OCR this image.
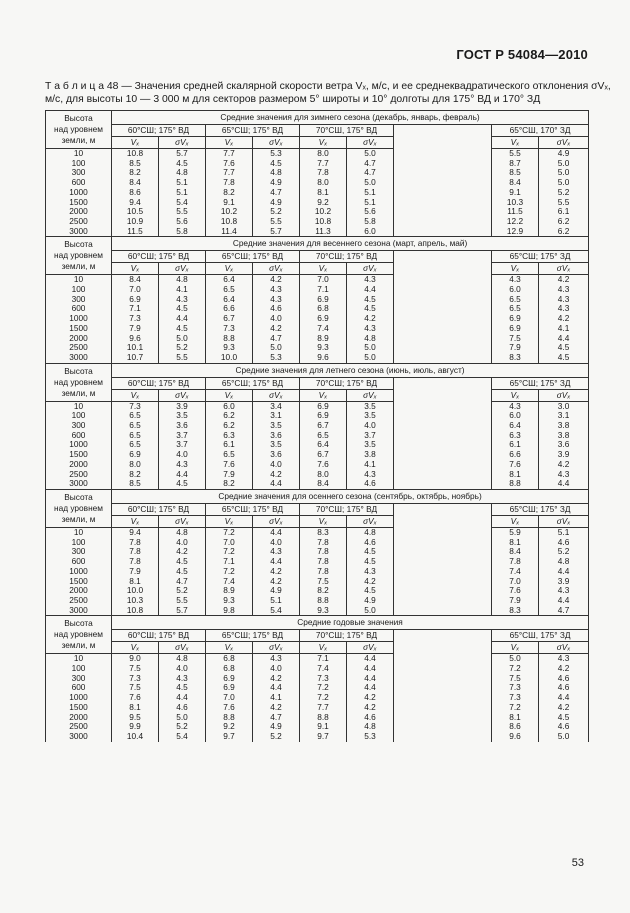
ГОСТ Р 54084—2010
Т а б л и ц а 48 — Значения средней скалярной скорости ветра Vₓ, м/с, и ее среднеквадратического отклонения σVₓ,
м/с, для высоты 10 — 3 000 м для секторов размером 5° широты и 10° долготы для 175° ВД и 170° ЗД
Высота
над уровнем
земли, м	Средние значения для зимнего сезона (декабрь, январь, февраль)								
	60°СШ; 175° ВД		65°СШ; 175° ВД		70°СШ, 175° ВД			65°СШ, 170° ЗД	
	Vₓ	σVₓ	Vₓ	σVₓ	Vₓ	σVₓ		Vₓ	σVₓ
10	10.8	5.7	7.7	5.3	8.0	5.0		5.5	4.9
100	8.5	4.5	7.6	4.5	7.7	4.7		8.7	5.0
300	8.2	4.8	7.7	4.8	7.8	4.7		8.5	5.0
600	8.4	5.1	7.8	4.9	8.0	5.0		8.4	5.0
1000	8.6	5.1	8.2	4.7	8.1	5.1		9.1	5.2
1500	9.4	5.4	9.1	4.9	9.2	5.1		10.3	5.5
2000	10.5	5.5	10.2	5.2	10.2	5.6		11.5	6.1
2500	10.9	5.6	10.8	5.5	10.8	5.8		12.2	6.2
3000	11.5	5.8	11.4	5.7	11.3	6.0		12.9	6.2

Высота
над уровнем
земли, м	Средние значения для весеннего сезона (март, апрель, май)								
	60°СШ; 175° ВД		65°СШ; 175° ВД		70°СШ; 175° ВД			65°СШ; 175° ЗД	
	Vₓ	σVₓ	Vₓ	σVₓ	Vₓ	σVₓ		Vₓ	σVₓ
10	8.4	4.8	6.4	4.2	7.0	4.3		4.3	4.2
100	7.0	4.1	6.5	4.3	7.1	4.4		6.0	4.3
300	6.9	4.3	6.4	4.3	6.9	4.5		6.5	4.3
600	7.1	4.5	6.6	4.6	6.8	4.5		6.5	4.3
1000	7.3	4.4	6.7	4.0	6.9	4.2		6.9	4.2
1500	7.9	4.5	7.3	4.2	7.4	4.3		6.9	4.1
2000	9.6	5.0	8.8	4.7	8.9	4.8		7.5	4.4
2500	10.1	5.2	9.3	5.0	9.3	5.0		7.9	4.5
3000	10.7	5.5	10.0	5.3	9.6	5.0		8.3	4.5

Высота
над уровнем
земли, м	Средние значения для летнего сезона (июнь, июль, август)								
	60°СШ; 175° ВД		65°СШ; 175° ВД		70°СШ; 175° ВД			65°СШ; 175° ЗД	
	Vₓ	σVₓ	Vₓ	σVₓ	Vₓ	σVₓ		Vₓ	σVₓ
10	7.3	3.9	6.0	3.4	6.9	3.5		4.3	3.0
100	6.5	3.5	6.2	3.1	6.9	3.5		6.0	3.1
300	6.5	3.6	6.2	3.5	6.7	4.0		6.4	3.8
600	6.5	3.7	6.3	3.6	6.5	3.7		6.3	3.8
1000	6.5	3.7	6.1	3.5	6.4	3.5		6.1	3.6
1500	6.9	4.0	6.5	3.6	6.7	3.8		6.6	3.9
2000	8.0	4.3	7.6	4.0	7.6	4.1		7.6	4.2
2500	8.2	4.4	7.9	4.2	8.0	4.3		8.1	4.3
3000	8.5	4.5	8.2	4.4	8.4	4.6		8.8	4.4

Высота
над уровнем
земли, м	Средние значения для осеннего сезона (сентябрь, октябрь, ноябрь)								
	60°СШ; 175° ВД		65°СШ; 175° ВД		70°СШ; 175° ВД			65°СШ; 175° ЗД	
	Vₓ	σVₓ	Vₓ	σVₓ	Vₓ	σVₓ		Vₓ	σVₓ
10	9.4	4.8	7.2	4.4	8.3	4.8		5.9	5.1
100	7.8	4.0	7.0	4.0	7.8	4.6		8.1	4.6
300	7.8	4.2	7.2	4.3	7.8	4.5		8.4	5.2
600	7.8	4.5	7.1	4.4	7.8	4.5		7.8	4.8
1000	7.9	4.5	7.2	4.2	7.8	4.3		7.4	4.4
1500	8.1	4.7	7.4	4.2	7.5	4.2		7.0	3.9
2000	10.0	5.2	8.9	4.9	8.2	4.5		7.6	4.3
2500	10.3	5.5	9.3	5.1	8.8	4.9		7.9	4.4
3000	10.8	5.7	9.8	5.4	9.3	5.0		8.3	4.7

Высота
над уровнем
земли, м	Средние годовые значения								
	60°СШ; 175° ВД		65°СШ; 175° ВД		70°СШ; 175° ВД			65°СШ, 175° ЗД	
	Vₓ	σVₓ	Vₓ	σVₓ	Vₓ	σVₓ		Vₓ	σVₓ
10	9.0	4.8	6.8	4.3	7.1	4.4		5.0	4.3
100	7.5	4.0	6.8	4.0	7.4	4.4		7.2	4.2
300	7.3	4.3	6.9	4.2	7.3	4.4		7.5	4.6
600	7.5	4.5	6.9	4.4	7.2	4.4		7.3	4.6
1000	7.6	4.4	7.0	4.1	7.2	4.2		7.3	4.4
1500	8.1	4.6	7.6	4.2	7.7	4.2		7.2	4.2
2000	9.5	5.0	8.8	4.7	8.8	4.6		8.1	4.5
2500	9.9	5.2	9.2	4.9	9.1	4.8		8.6	4.6
3000	10.4	5.4	9.7	5.2	9.7	5.3		9.6	5.0
53
